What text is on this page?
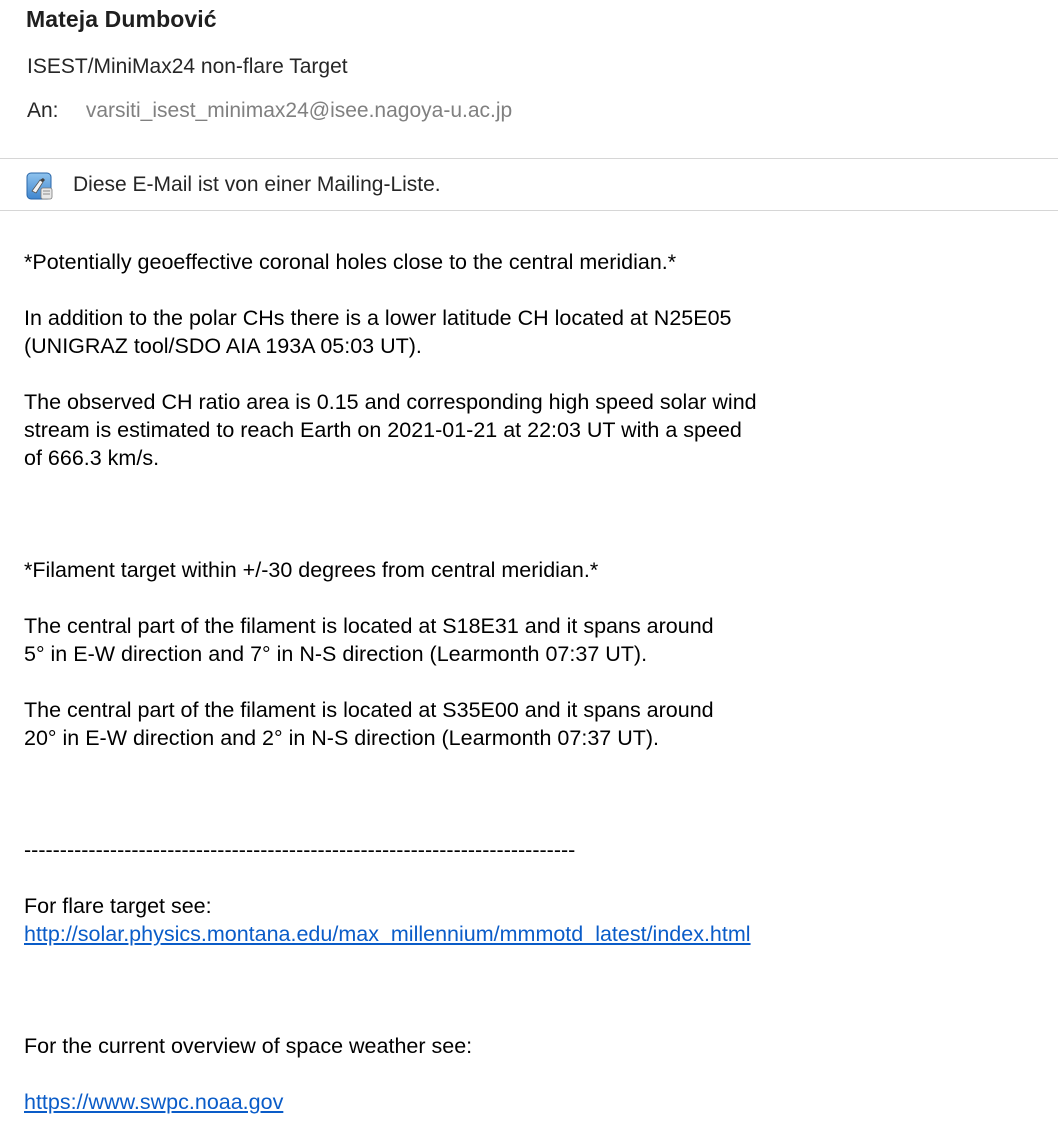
Mateja Dumbović
ISEST/MiniMax24 non-flare Target
An: varsiti_isest_minimax24@isee.nagoya-u.ac.jp
Diese E-Mail ist von einer Mailing-Liste.

*Potentially geoeffective coronal holes close to the central meridian.*

In addition to the polar CHs there is a lower latitude CH located at N25E05

(UNIGRAZ tool/SDO AIA 193A 05:03 UT).

The observed CH ratio area is 0.15 and corresponding high speed solar wind

stream is estimated to reach Earth on 2021-01-21 at 22:03 UT with a speed

of 666.3 km/s.

*Filament target within +/-30 degrees from central meridian.*

The central part of the filament is located at S18E31 and it spans around

5° in E-W direction and 7° in N-S direction (Learmonth 07:37 UT).

The central part of the filament is located at S35E00 and it spans around

20° in E-W direction and 2° in N-S direction (Learmonth 07:37 UT).

-----------------------------------------------------------------------------

For flare target see:

http://solar.physics.montana.edu/max_millennium/mmmotd_latest/index.html

For the current overview of space weather see:

https://www.swpc.noaa.gov
